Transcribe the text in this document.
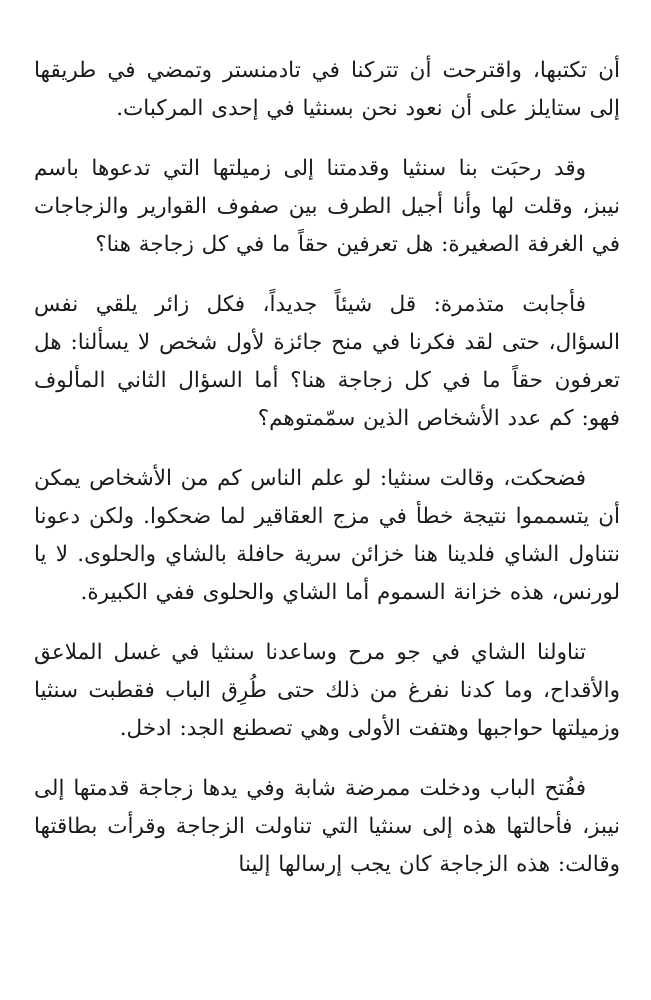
أن تكتبها، واقترحت أن تتركنا في تادمنستر وتمضي في طريقها إلى ستايلز على أن نعود نحن بسنثيا في إحدى المركبات.

وقد رحبَت بنا سنثيا وقدمتنا إلى زميلتها التي تدعوها باسم نيبز، وقلت لها وأنا أجيل الطرف بين صفوف القوارير والزجاجات في الغرفة الصغيرة: هل تعرفين حقاً ما في كل زجاجة هنا؟

فأجابت متذمرة: قل شيئاً جديداً، فكل زائر يلقي نفس السؤال، حتى لقد فكرنا في منح جائزة لأول شخص لا يسألنا: هل تعرفون حقاً ما في كل زجاجة هنا؟ أما السؤال الثاني المألوف فهو: كم عدد الأشخاص الذين سمّمتوهم؟

فضحكت، وقالت سنثيا: لو علم الناس كم من الأشخاص يمكن أن يتسمموا نتيجة خطأ في مزج العقاقير لما ضحكوا. ولكن دعونا نتناول الشاي فلدينا هنا خزائن سرية حافلة بالشاي والحلوى. لا يا لورنس، هذه خزانة السموم أما الشاي والحلوى ففي الكبيرة.

تناولنا الشاي في جو مرح وساعدنا سنثيا في غسل الملاعق والأقداح، وما كدنا نفرغ من ذلك حتى طُرِق الباب فقطبت سنثيا وزميلتها حواجبها وهتفت الأولى وهي تصطنع الجد: ادخل.

ففُتح الباب ودخلت ممرضة شابة وفي يدها زجاجة قدمتها إلى نيبز، فأحالتها هذه إلى سنثيا التي تناولت الزجاجة وقرأت بطاقتها وقالت: هذه الزجاجة كان يجب إرسالها إلينا
